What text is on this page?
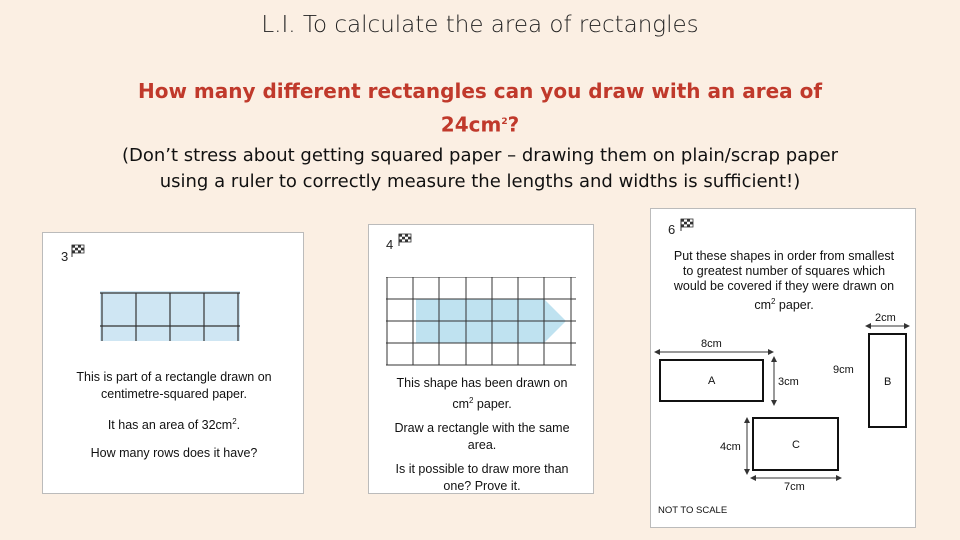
L.I. To calculate the area of rectangles
How many different rectangles can you draw with an area of
$24cm^2$?
(Don’t stress about getting squared paper – drawing them on plain/scrap paper
using a ruler to correctly measure the lengths and widths is sufficient!)
3
This is part of a rectangle drawn on
centimetre-squared paper.
It has an area of $32cm^2$.
How many rows does it have?
4
This shape has been drawn on
$cm^2$ paper.
Draw a rectangle with the same
area.
Is it possible to draw more than
one? Prove it.
6
Put these shapes in order from smallest
to greatest number of squares which
would be covered if they were drawn on
$cm^2$ paper.
2cm
8cm
9cm
3cm
4cm
7cm
A	B
C
NOT TO SCALE
